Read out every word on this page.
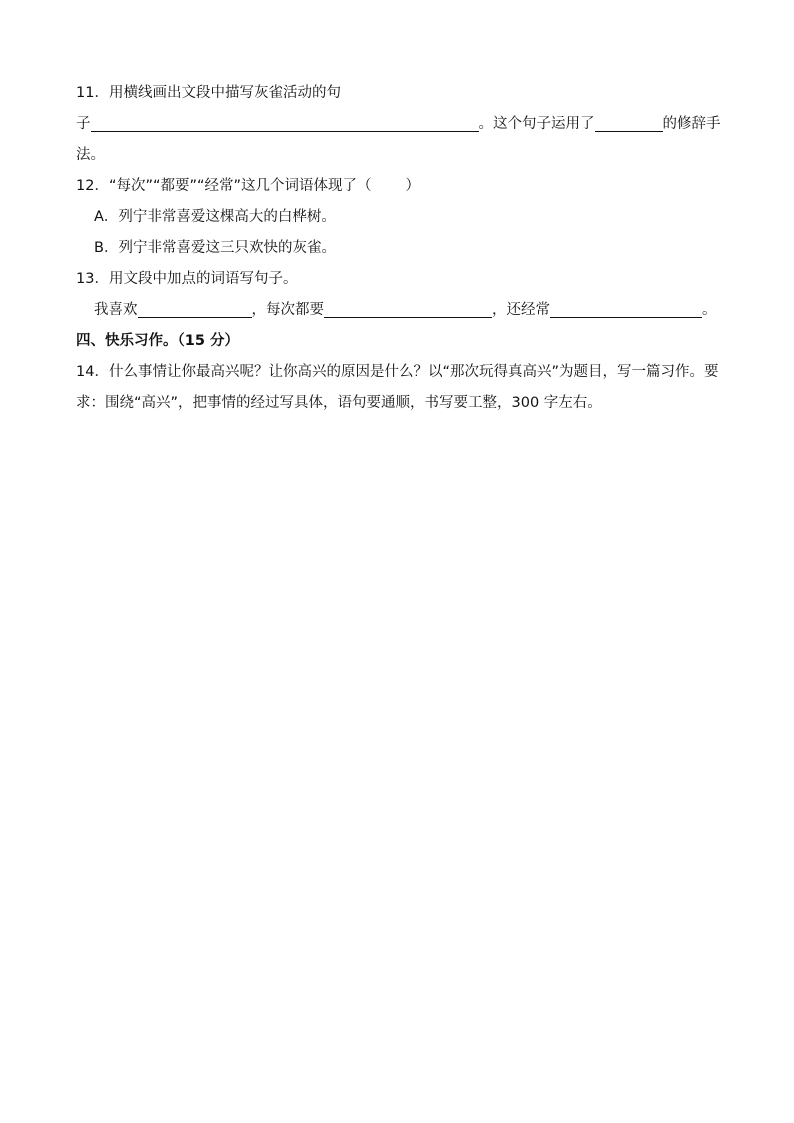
11．用横线画出文段中描写灰雀活动的句
子	。这个句子运用了	的修辞手
法。
12．“每次”“都要”“经常”这几个词语体现了（ ）
A．列宁非常喜爱这棵高大的白桦树。
B．列宁非常喜爱这三只欢快的灰雀。
13．用文段中加点的词语写句子。
我喜欢	，每次都要	，还经常	。
四、快乐习作。（15 分）
14．什么事情让你最高兴呢？让你高兴的原因是什么？以“那次玩得真高兴”为题目，写一篇习作。要
求：围绕“高兴”，把事情的经过写具体，语句要通顺，书写要工整，300 字左右。
